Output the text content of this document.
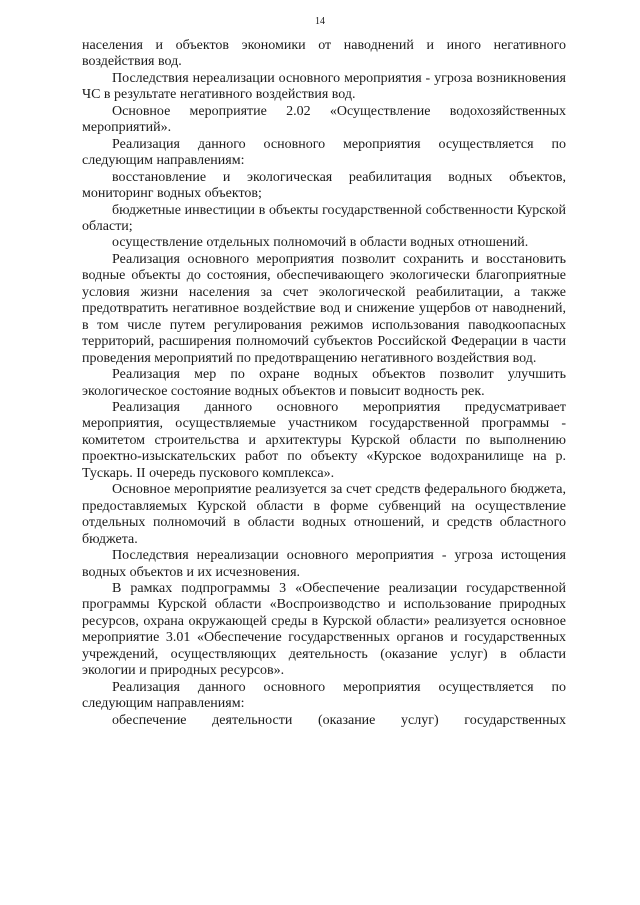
14

населения и объектов экономики от наводнений и иного негативного воздействия вод.

Последствия нереализации основного мероприятия - угроза возникновения ЧС в результате негативного воздействия вод.

Основное мероприятие 2.02 «Осуществление водохозяйственных мероприятий».

Реализация данного основного мероприятия осуществляется по следующим направлениям:

восстановление и экологическая реабилитация водных объектов, мониторинг водных объектов;

бюджетные инвестиции в объекты государственной собственности Курской области;

осуществление отдельных полномочий в области водных отношений.

Реализация основного мероприятия позволит сохранить и восстановить водные объекты до состояния, обеспечивающего экологически благоприятные условия жизни населения за счет экологической реабилитации, а также предотвратить негативное воздействие вод и снижение ущербов от наводнений, в том числе путем регулирования режимов использования паводкоопасных территорий, расширения полномочий субъектов Российской Федерации в части проведения мероприятий по предотвращению негативного воздействия вод.

Реализация мер по охране водных объектов позволит улучшить экологическое состояние водных объектов и повысит водность рек.

Реализация данного основного мероприятия предусматривает мероприятия, осуществляемые участником государственной программы - комитетом строительства и архитектуры Курской области по выполнению проектно-изыскательских работ по объекту «Курское водохранилище на р. Тускарь. II очередь пускового комплекса».

Основное мероприятие реализуется за счет средств федерального бюджета, предоставляемых Курской области в форме субвенций на осуществление отдельных полномочий в области водных отношений, и средств областного бюджета.

Последствия нереализации основного мероприятия - угроза истощения водных объектов и их исчезновения.

В рамках подпрограммы 3 «Обеспечение реализации государственной программы Курской области «Воспроизводство и использование природных ресурсов, охрана окружающей среды в Курской области» реализуется основное мероприятие 3.01 «Обеспечение государственных органов и государственных учреждений, осуществляющих деятельность (оказание услуг) в области экологии и природных ресурсов».

Реализация данного основного мероприятия осуществляется по следующим направлениям:

обеспечение деятельности (оказание услуг) государственных
